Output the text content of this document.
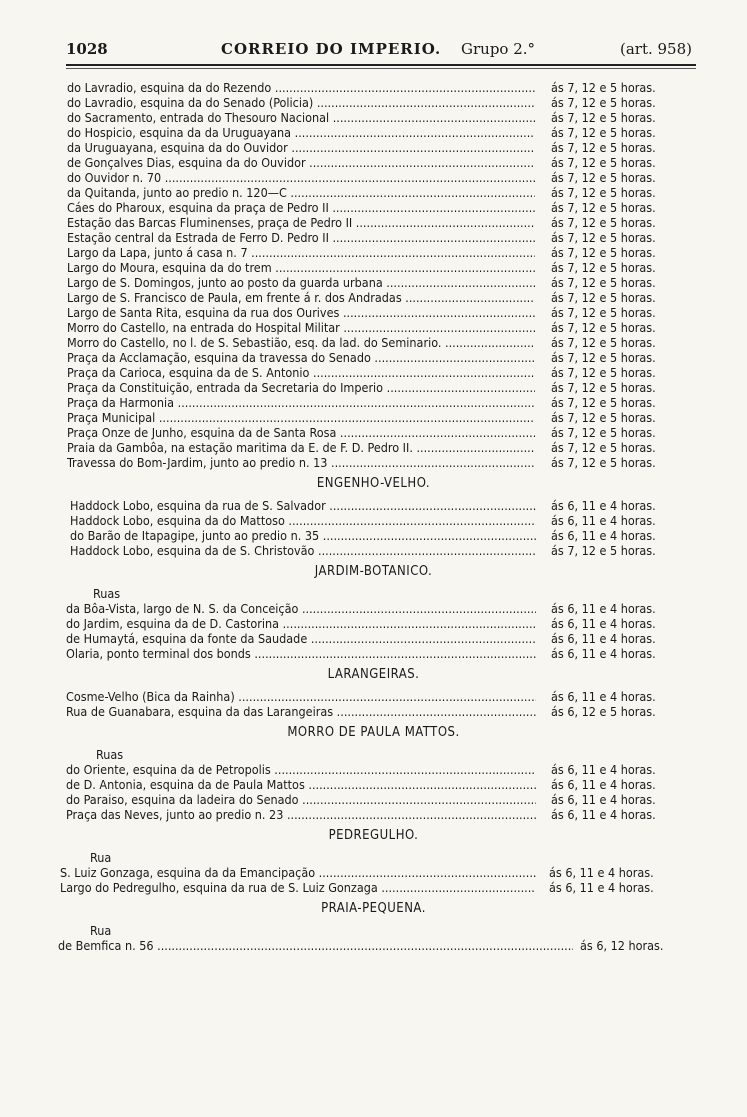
1028	CORREIO DO IMPERIO. Grupo 2.°	(art. 958)
do Lavradio, esquina da do Rezendo .....	ás 7, 12 e 5 horas.
do Lavradio, esquina da do Senado (Policia) .....	ás 7, 12 e 5 horas.
do Sacramento, entrada do Thesouro Nacional .....	ás 7, 12 e 5 horas.
do Hospicio, esquina da da Uruguayana .....	ás 7, 12 e 5 horas.
da Uruguayana, esquina da do Ouvidor .....	ás 7, 12 e 5 horas.
de Gonçalves Dias, esquina da do Ouvidor .....	ás 7, 12 e 5 horas.
do Ouvidor n. 70 .....	ás 7, 12 e 5 horas.
da Quitanda, junto ao predio n. 120—C .....	ás 7, 12 e 5 horas.
Cáes do Pharoux, esquina da praça de Pedro II .....	ás 7, 12 e 5 horas.
Estação das Barcas Fluminenses, praça de Pedro II .....	ás 7, 12 e 5 horas.
Estação central da Estrada de Ferro D. Pedro II .....	ás 7, 12 e 5 horas.
Largo da Lapa, junto á casa n. 7 .....	ás 7, 12 e 5 horas.
Largo do Moura, esquina da do trem .....	ás 7, 12 e 5 horas.
Largo de S. Domingos, junto ao posto da guarda urbana .....	ás 7, 12 e 5 horas.
Largo de S. Francisco de Paula, em frente á r. dos Andradas .....	ás 7, 12 e 5 horas.
Largo de Santa Rita, esquina da rua dos Ourives .....	ás 7, 12 e 5 horas.
Morro do Castello, na entrada do Hospital Militar .....	ás 7, 12 e 5 horas.
Morro do Castello, no l. de S. Sebastião, esq. da lad. do Seminario. .....	ás 7, 12 e 5 horas.
Praça da Acclamação, esquina da travessa do Senado .....	ás 7, 12 e 5 horas.
Praça da Carioca, esquina da de S. Antonio .....	ás 7, 12 e 5 horas.
Praça da Constituição, entrada da Secretaria do Imperio .....	ás 7, 12 e 5 horas.
Praça da Harmonia .....	ás 7, 12 e 5 horas.
Praça Municipal .....	ás 7, 12 e 5 horas.
Praça Onze de Junho, esquina da de Santa Rosa .....	ás 7, 12 e 5 horas.
Praia da Gambôa, na estação maritima da E. de F. D. Pedro II. .....	ás 7, 12 e 5 horas.
Travessa do Bom-Jardim, junto ao predio n. 13 .....	ás 7, 12 e 5 horas.
ENGENHO-VELHO.
Haddock Lobo, esquina da rua de S. Salvador .....	ás 6, 11 e 4 horas.
Haddock Lobo, esquina da do Mattoso .....	ás 6, 11 e 4 horas.
do Barão de Itapagipe, junto ao predio n. 35 .....	ás 6, 11 e 4 horas.
Haddock Lobo, esquina da de S. Christovão .....	ás 7, 12 e 5 horas.
JARDIM-BOTANICO.
Ruas
da Bôa-Vista, largo de N. S. da Conceição .....	ás 6, 11 e 4 horas.
do Jardim, esquina da de D. Castorina .....	ás 6, 11 e 4 horas.
de Humaytá, esquina da fonte da Saudade .....	ás 6, 11 e 4 horas.
Olaria, ponto terminal dos bonds .....	ás 6, 11 e 4 horas.
LARANGEIRAS.
Cosme-Velho (Bica da Rainha) .....	ás 6, 11 e 4 horas.
Rua de Guanabara, esquina da das Larangeiras .....	ás 6, 12 e 5 horas.
MORRO DE PAULA MATTOS.
Ruas
do Oriente, esquina da de Petropolis .....	ás 6, 11 e 4 horas.
de D. Antonia, esquina da de Paula Mattos .....	ás 6, 11 e 4 horas.
do Paraiso, esquina da ladeira do Senado .....	ás 6, 11 e 4 horas.
Praça das Neves, junto ao predio n. 23 .....	ás 6, 11 e 4 horas.
PEDREGULHO.
Rua
S. Luiz Gonzaga, esquina da da Emancipação .....	ás 6, 11 e 4 horas.
Largo do Pedregulho, esquina da rua de S. Luiz Gonzaga .....	ás 6, 11 e 4 horas.
PRAIA-PEQUENA.
Rua
de Bemfica n. 56 .....	ás 6, 12 horas.
